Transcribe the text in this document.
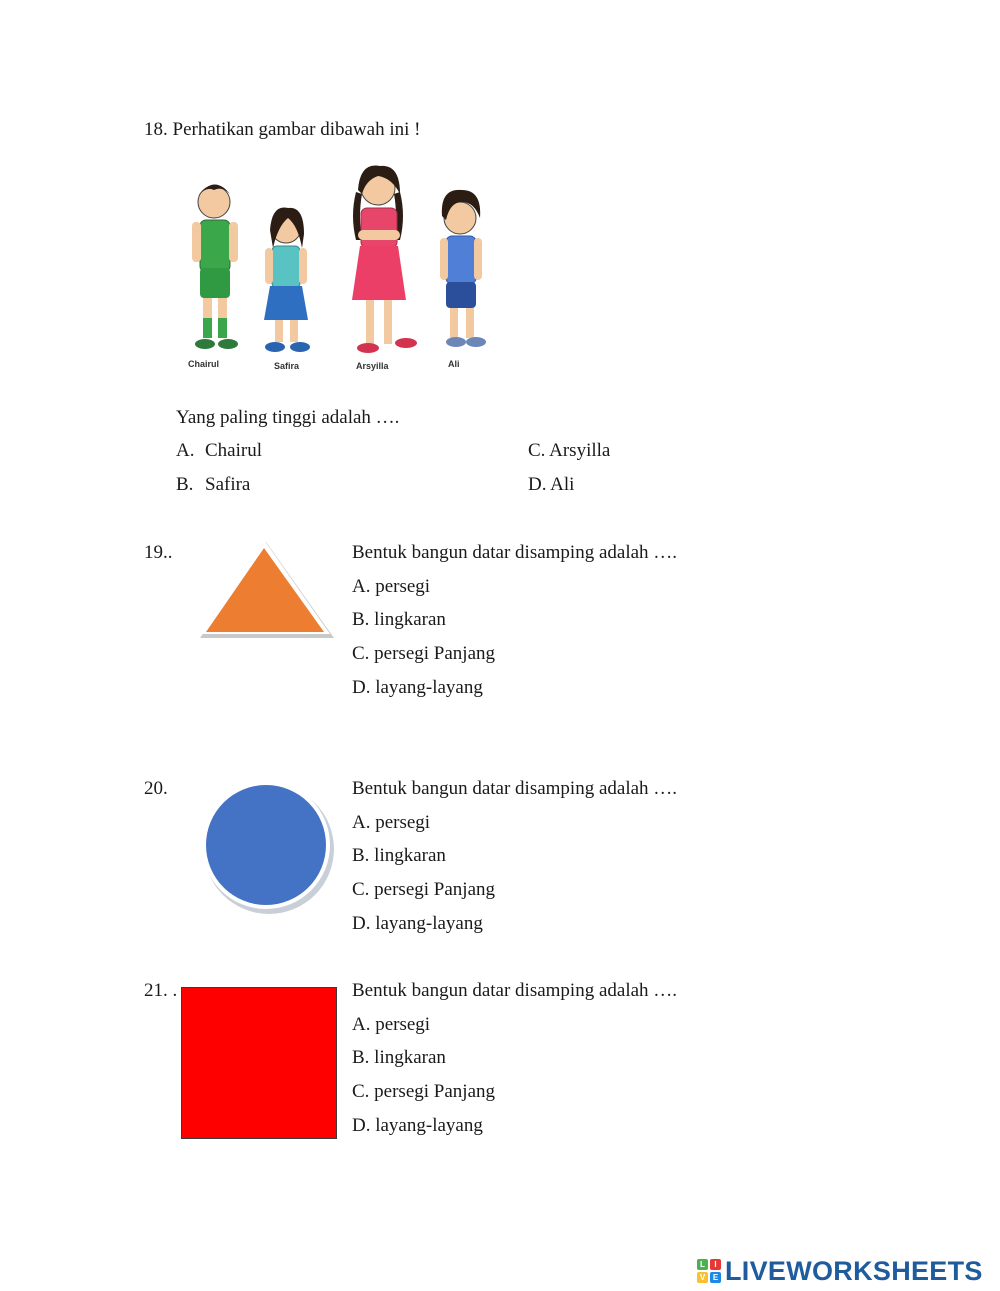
18. Perhatikan gambar dibawah ini !
Chairul	Safira	Arsyilla	Ali
Yang paling tinggi adalah ….
A. Chairul
B. Safira
C. Arsyilla
D. Ali
19..	Bentuk bangun datar disamping adalah ….
A. persegi
B. lingkaran
C. persegi Panjang
D. layang-layang
20.	Bentuk bangun datar disamping adalah ….
A. persegi
B. lingkaran
C. persegi Panjang
D. layang-layang
21. .	Bentuk bangun datar disamping adalah ….
A. persegi
B. lingkaran
C. persegi Panjang
D. layang-layang
L	I
V E LIVEWORKSHEETS
